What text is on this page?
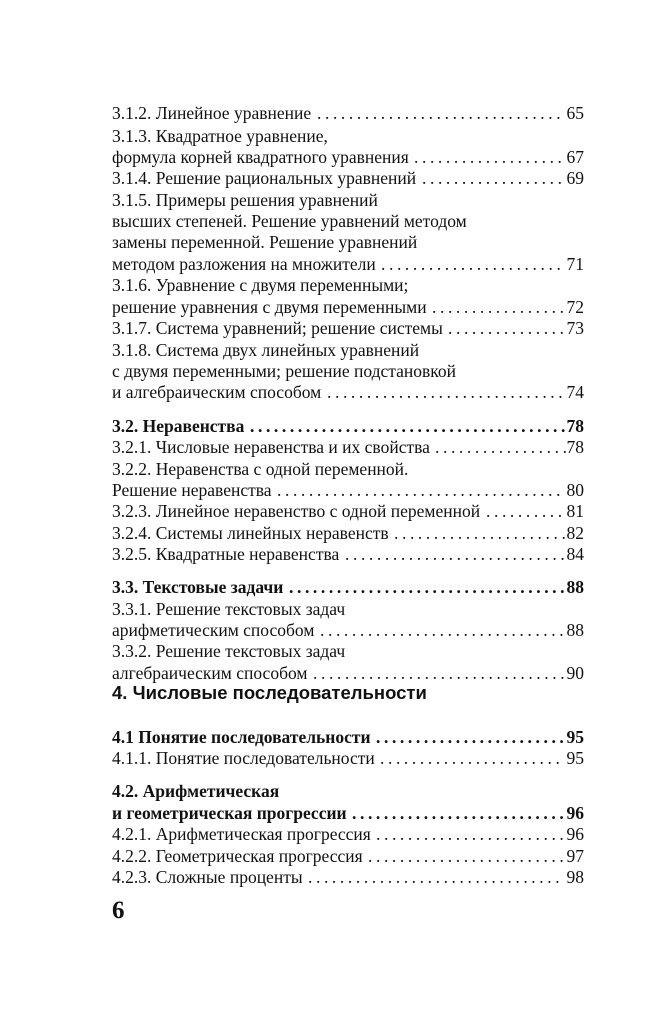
3.1.2. Линейное уравнение ............................... 65
3.1.3. Квадратное уравнение,
формула корней квадратного уравнения ................... 67
3.1.4. Решение рациональных уравнений .................. 69
3.1.5. Примеры решения уравнений
высших степеней. Решение уравнений методом
замены переменной. Решение уравнений
методом разложения на множители ....................... 71
3.1.6. Уравнение с двумя переменными;
решение уравнения с двумя переменными .................
72
3.1.7. Система уравнений; решение системы ...............
73
3.1.8. Система двух линейных уравнений
с двумя переменными; решение подстановкой
и алгебраическим способом .............................. 74
3.2. Неравенства ........................................
78
3.2.1. Числовые неравенства и их свойства .................
78
3.2.2. Неравенства с одной переменной.
Решение неравенства .................................... 80
3.2.3. Линейное неравенство с одной переменной .......... 81
3.2.4. Системы линейных неравенств ......................
82
3.2.5. Квадратные неравенства ............................
84
3.3. Текстовые задачи ...................................
88
3.3.1. Решение текстовых задач
арифметическим способом ............................... 88
3.3.2. Решение текстовых задач
алгебраическим способом ................................
90
4.1 Понятие последовательности ........................ 95
4.1.1. Понятие последовательности ....................... 95
4.2. Арифметическая
и геометрическая прогрессии ........................... 96
4.2.1. Арифметическая прогрессия ........................ 96
4.2.2. Геометрическая прогрессия ......................... 97
4.2.3. Сложные проценты ................................ 98
4. Числовые последовательности
6
